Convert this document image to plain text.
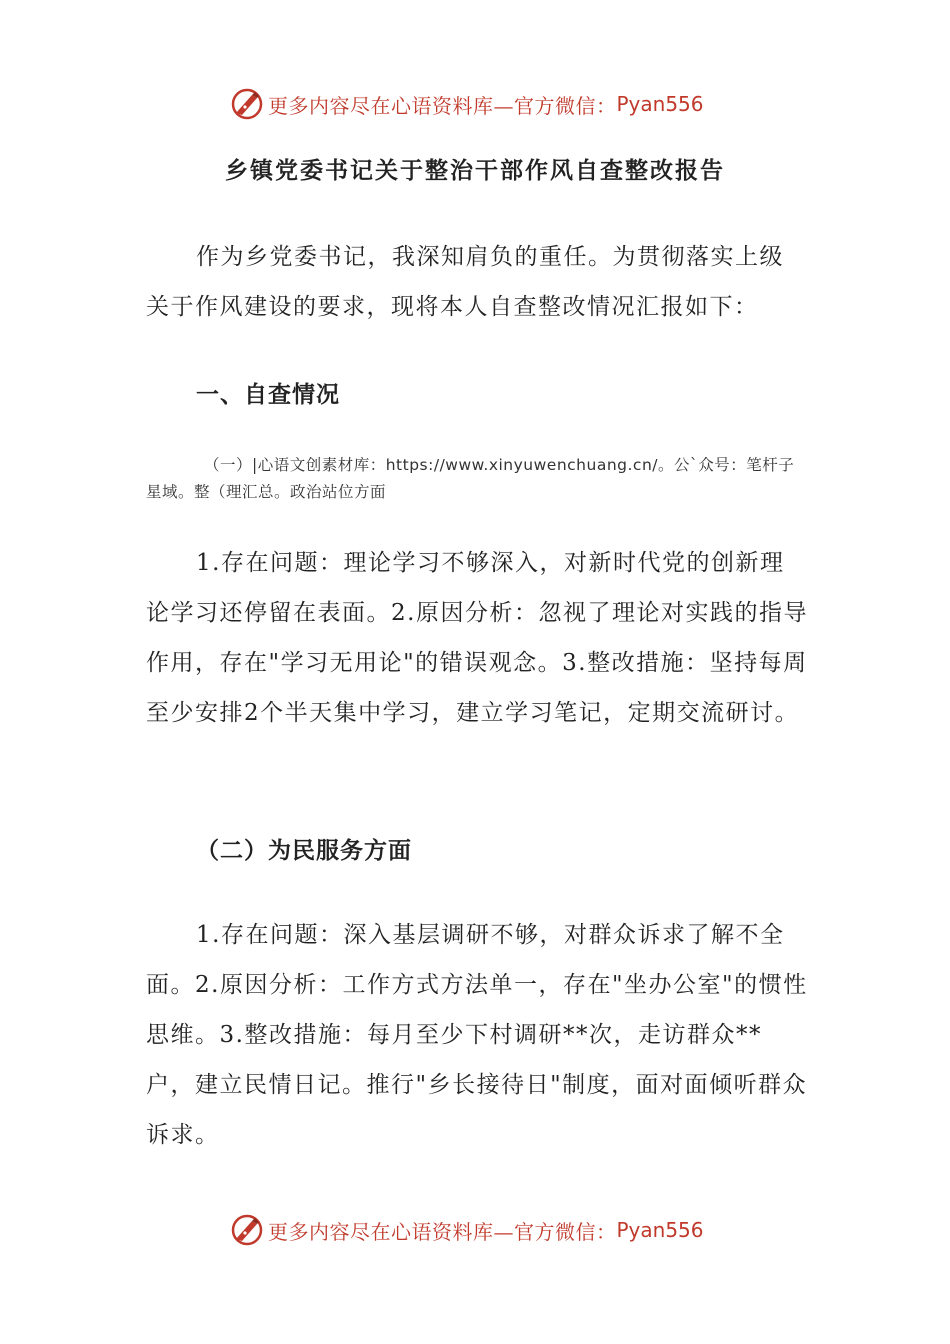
更多内容尽在心语资料库—官方微信： Pyan556
乡镇党委书记关于整治干部作风自查整改报告

作为乡党委书记，我深知肩负的重任。为贯彻落实上级关于作风建设的要求，现将本人自查整改情况汇报如下：

一、自查情况

（一）|心语文创素材库：https://www.xinyuwenchuang.cn/。公`众号：笔杆子星域。整（理汇总。政治站位方面

1.存在问题：理论学习不够深入，对新时代党的创新理论学习还停留在表面。2.原因分析：忽视了理论对实践的指导作用，存在"学习无用论"的错误观念。3.整改措施：坚持每周至少安排2个半天集中学习，建立学习笔记，定期交流研讨。

（二）为民服务方面

1.存在问题：深入基层调研不够，对群众诉求了解不全面。2.原因分析：工作方式方法单一，存在"坐办公室"的惯性思维。3.整改措施：每月至少下村调研**次，走访群众**户，建立民情日记。推行"乡长接待日"制度，面对面倾听群众诉求。

更多内容尽在心语资料库—官方微信： Pyan556
